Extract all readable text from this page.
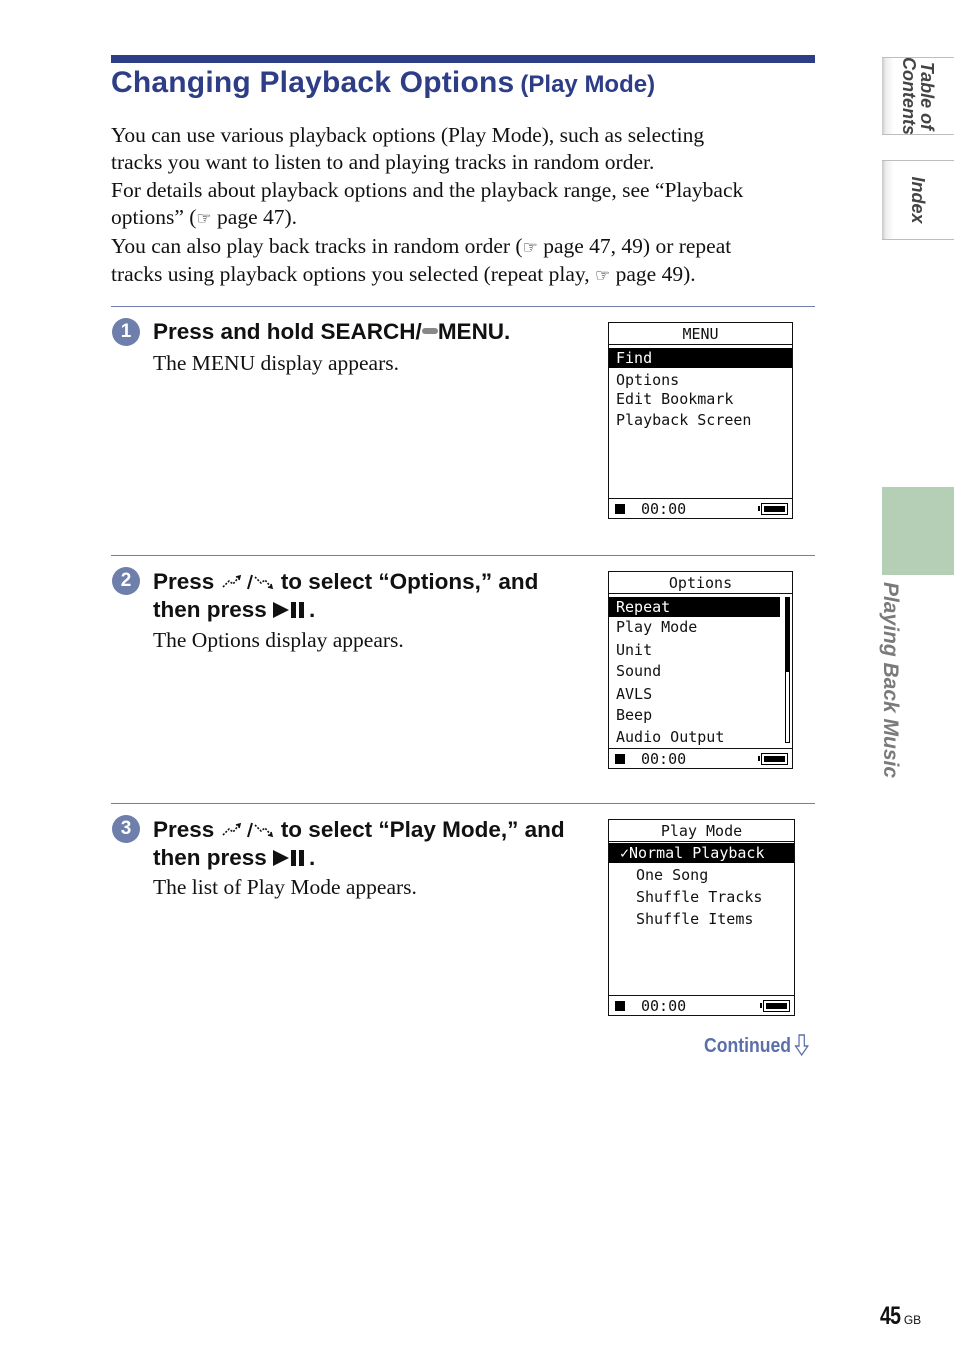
Changing Playback Options (Play Mode)

You can use various playback options (Play Mode), such as selecting

tracks you want to listen to and playing tracks in random order.

For details about playback options and the playback range, see “Playback

options” (☞ page 47).

You can also play back tracks in random order (☞ page 47, 49) or repeat

tracks using playback options you selected (repeat play, ☞ page 49).

1 Press and hold SEARCH/ MENU.
The MENU display appears.
MENU
Find
Options
Edit Bookmark
Playback Screen
00:00
2 Press  to select “Options,” and
then press .
The Options display appears.
Options
Repeat
Play Mode
Unit
Sound
AVLS
Beep
Audio Output
00:00
3 Press  to select “Play Mode,” and
then press .
The list of Play Mode appears.
Play Mode
✓Normal Playback
One Song
Shuffle Tracks
Shuffle Items
00:00
Continued
Table of
Contents
Index
Playing Back Music
45 GB
